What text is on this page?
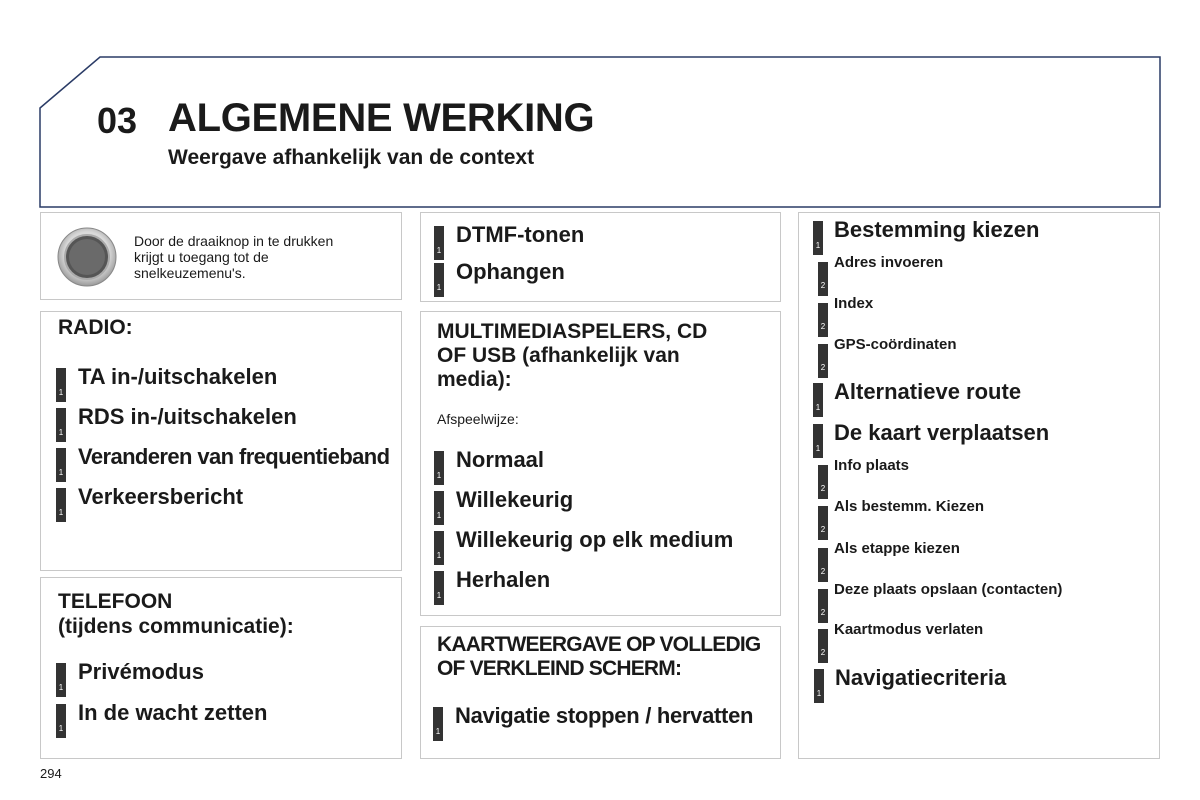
03 ALGEMENE WERKING
Weergave afhankelijk van de context
Door de draaiknop in te drukken krijgt u toegang tot de snelkeuzemenu's.
RADIO:
1
TA in-/uitschakelen
1
RDS in-/uitschakelen
1
Veranderen van frequentieband
1
Verkeersbericht
TELEFOON
(tijdens communicatie):
1
Privémodus
1
In de wacht zetten
1
DTMF-tonen
1
Ophangen
MULTIMEDIASPELERS, CD
OF USB (afhankelijk van
media):
Afspeelwijze:
1
Normaal
1
Willekeurig
1
Willekeurig op elk medium
1
Herhalen
KAARTWEERGAVE OP VOLLEDIG
OF VERKLEIND SCHERM:
1
Navigatie stoppen / hervatten
1
Bestemming kiezen
2
Adres invoeren
2
Index
2
GPS-coördinaten
1
Alternatieve route
1
De kaart verplaatsen
2
Info plaats
2
Als bestemm. Kiezen
2
Als etappe kiezen
2
Deze plaats opslaan (contacten)
2
Kaartmodus verlaten
1
Navigatiecriteria
294
